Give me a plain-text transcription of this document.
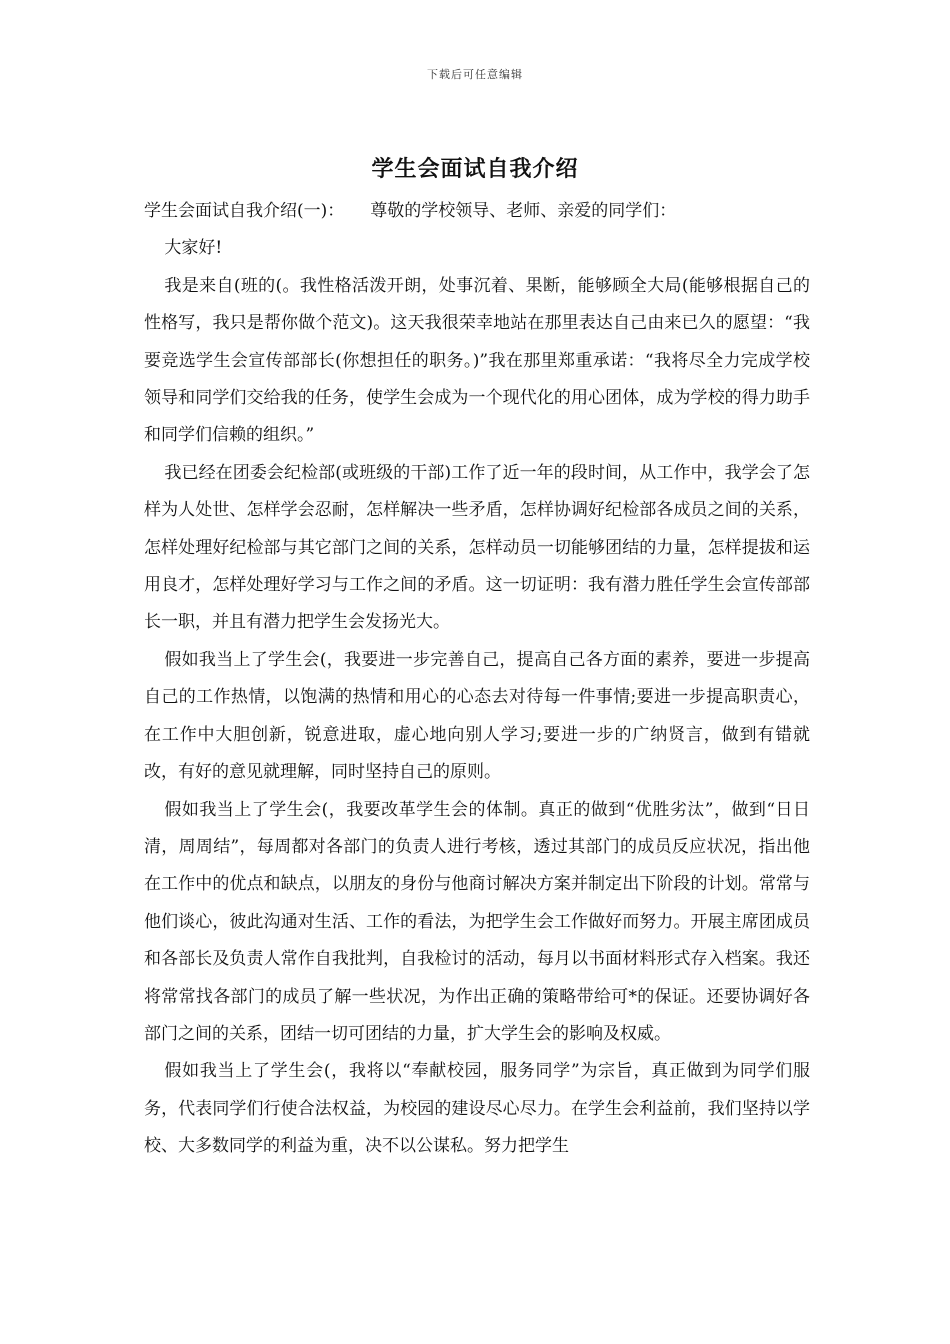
下载后可任意编辑
学生会面试自我介绍

学生会面试自我介绍(一)： 尊敬的学校领导、老师、亲爱的同学们：

大家好!

我是来自(班的(。我性格活泼开朗，处事沉着、果断，能够顾全大局(能够根据自己的性格写，我只是帮你做个范文)。这天我很荣幸地站在那里表达自己由来已久的愿望：“我要竞选学生会宣传部部长(你想担任的职务。)”我在那里郑重承诺：“我将尽全力完成学校领导和同学们交给我的任务，使学生会成为一个现代化的用心团体，成为学校的得力助手和同学们信赖的组织。”

我已经在团委会纪检部(或班级的干部)工作了近一年的段时间，从工作中，我学会了怎样为人处世、怎样学会忍耐，怎样解决一些矛盾，怎样协调好纪检部各成员之间的关系，怎样处理好纪检部与其它部门之间的关系，怎样动员一切能够团结的力量，怎样提拔和运用良才，怎样处理好学习与工作之间的矛盾。这一切证明：我有潜力胜任学生会宣传部部长一职，并且有潜力把学生会发扬光大。

假如我当上了学生会(，我要进一步完善自己，提高自己各方面的素养，要进一步提高自己的工作热情，以饱满的热情和用心的心态去对待每一件事情;要进一步提高职责心，在工作中大胆创新，锐意进取，虚心地向别人学习;要进一步的广纳贤言，做到有错就改，有好的意见就理解，同时坚持自己的原则。

假如我当上了学生会(，我要改革学生会的体制。真正的做到“优胜劣汰”，做到“日日清，周周结”，每周都对各部门的负责人进行考核，透过其部门的成员反应状况，指出他在工作中的优点和缺点，以朋友的身份与他商讨解决方案并制定出下阶段的计划。常常与他们谈心，彼此沟通对生活、工作的看法，为把学生会工作做好而努力。开展主席团成员和各部长及负责人常作自我批判，自我检讨的活动，每月以书面材料形式存入档案。我还将常常找各部门的成员了解一些状况，为作出正确的策略带给可*的保证。还要协调好各部门之间的关系，团结一切可团结的力量，扩大学生会的影响及权威。

假如我当上了学生会(，我将以“奉献校园，服务同学”为宗旨，真正做到为同学们服务，代表同学们行使合法权益，为校园的建设尽心尽力。在学生会利益前，我们坚持以学校、大多数同学的利益为重，决不以公谋私。努力把学生
